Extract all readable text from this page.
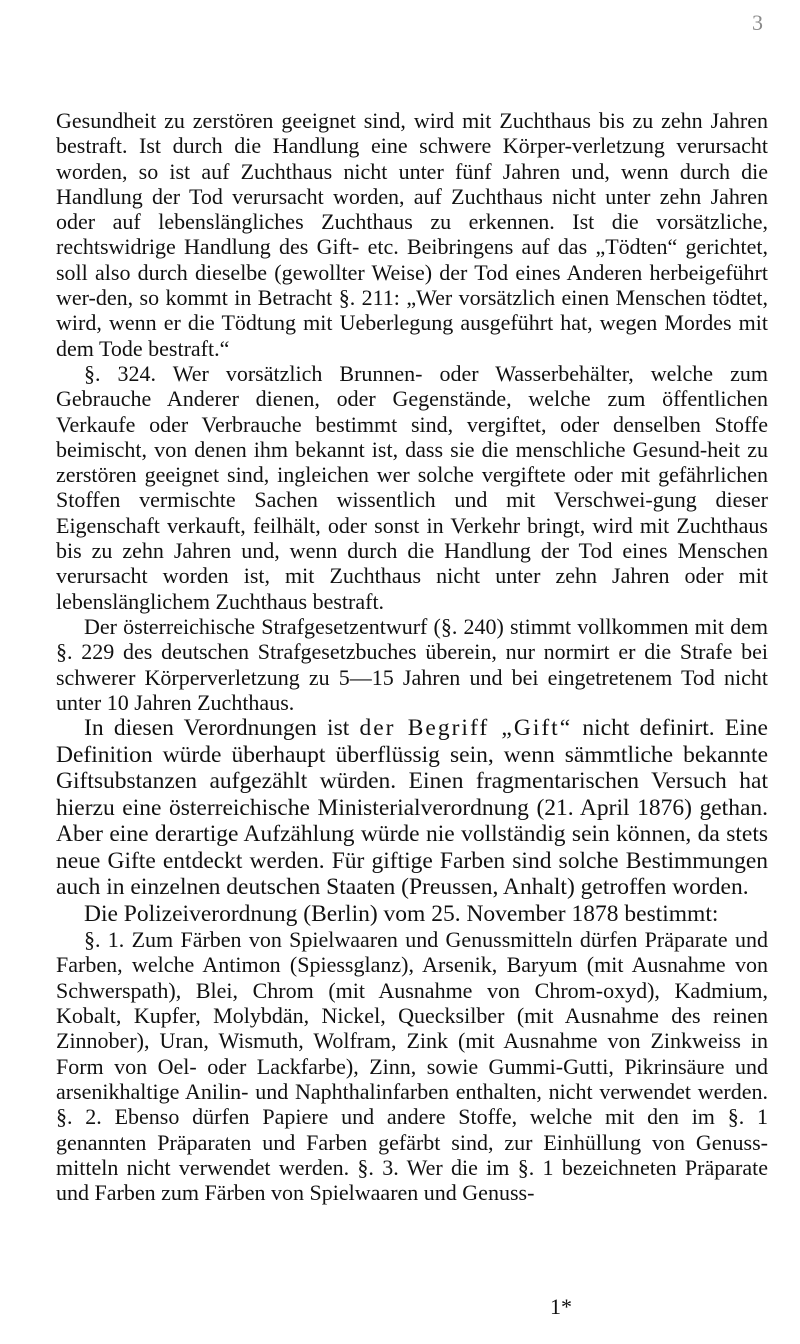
3

Gesundheit zu zerstören geeignet sind, wird mit Zuchthaus bis zu zehn Jahren bestraft. Ist durch die Handlung eine schwere Körper-verletzung verursacht worden, so ist auf Zuchthaus nicht unter fünf Jahren und, wenn durch die Handlung der Tod verursacht worden, auf Zuchthaus nicht unter zehn Jahren oder auf lebenslängliches Zuchthaus zu erkennen. Ist die vorsätzliche, rechtswidrige Handlung des Gift- etc. Beibringens auf das „Tödten“ gerichtet, soll also durch dieselbe (gewollter Weise) der Tod eines Anderen herbeigeführt wer-den, so kommt in Betracht §. 211: „Wer vorsätzlich einen Menschen tödtet, wird, wenn er die Tödtung mit Ueberlegung ausgeführt hat, wegen Mordes mit dem Tode bestraft.“

§. 324. Wer vorsätzlich Brunnen- oder Wasserbehälter, welche zum Gebrauche Anderer dienen, oder Gegenstände, welche zum öffentlichen Verkaufe oder Verbrauche bestimmt sind, vergiftet, oder denselben Stoffe beimischt, von denen ihm bekannt ist, dass sie die menschliche Gesund-heit zu zerstören geeignet sind, ingleichen wer solche vergiftete oder mit gefährlichen Stoffen vermischte Sachen wissentlich und mit Verschwei-gung dieser Eigenschaft verkauft, feilhält, oder sonst in Verkehr bringt, wird mit Zuchthaus bis zu zehn Jahren und, wenn durch die Handlung der Tod eines Menschen verursacht worden ist, mit Zuchthaus nicht unter zehn Jahren oder mit lebenslänglichem Zuchthaus bestraft.

Der österreichische Strafgesetzentwurf (§. 240) stimmt vollkommen mit dem §. 229 des deutschen Strafgesetzbuches überein, nur normirt er die Strafe bei schwerer Körperverletzung zu 5—15 Jahren und bei eingetretenem Tod nicht unter 10 Jahren Zuchthaus.

In diesen Verordnungen ist der Begriff „Gift“ nicht definirt. Eine Definition würde überhaupt überflüssig sein, wenn sämmtliche bekannte Giftsubstanzen aufgezählt würden. Einen fragmentarischen Versuch hat hierzu eine österreichische Ministerialverordnung (21. April 1876) gethan. Aber eine derartige Aufzählung würde nie vollständig sein können, da stets neue Gifte entdeckt werden. Für giftige Farben sind solche Bestimmungen auch in einzelnen deutschen Staaten (Preussen, Anhalt) getroffen worden.

Die Polizeiverordnung (Berlin) vom 25. November 1878 bestimmt:

§. 1. Zum Färben von Spielwaaren und Genussmitteln dürfen Präparate und Farben, welche Antimon (Spiessglanz), Arsenik, Baryum (mit Ausnahme von Schwerspath), Blei, Chrom (mit Ausnahme von Chrom-oxyd), Kadmium, Kobalt, Kupfer, Molybdän, Nickel, Quecksilber (mit Ausnahme des reinen Zinnober), Uran, Wismuth, Wolfram, Zink (mit Ausnahme von Zinkweiss in Form von Oel- oder Lackfarbe), Zinn, sowie Gummi-Gutti, Pikrinsäure und arsenikhaltige Anilin- und Naphthalinfarben enthalten, nicht verwendet werden. §. 2. Ebenso dürfen Papiere und andere Stoffe, welche mit den im §. 1 genannten Präparaten und Farben gefärbt sind, zur Einhüllung von Genuss-mitteln nicht verwendet werden. §. 3. Wer die im §. 1 bezeichneten Präparate und Farben zum Färben von Spielwaaren und Genuss-

1*
